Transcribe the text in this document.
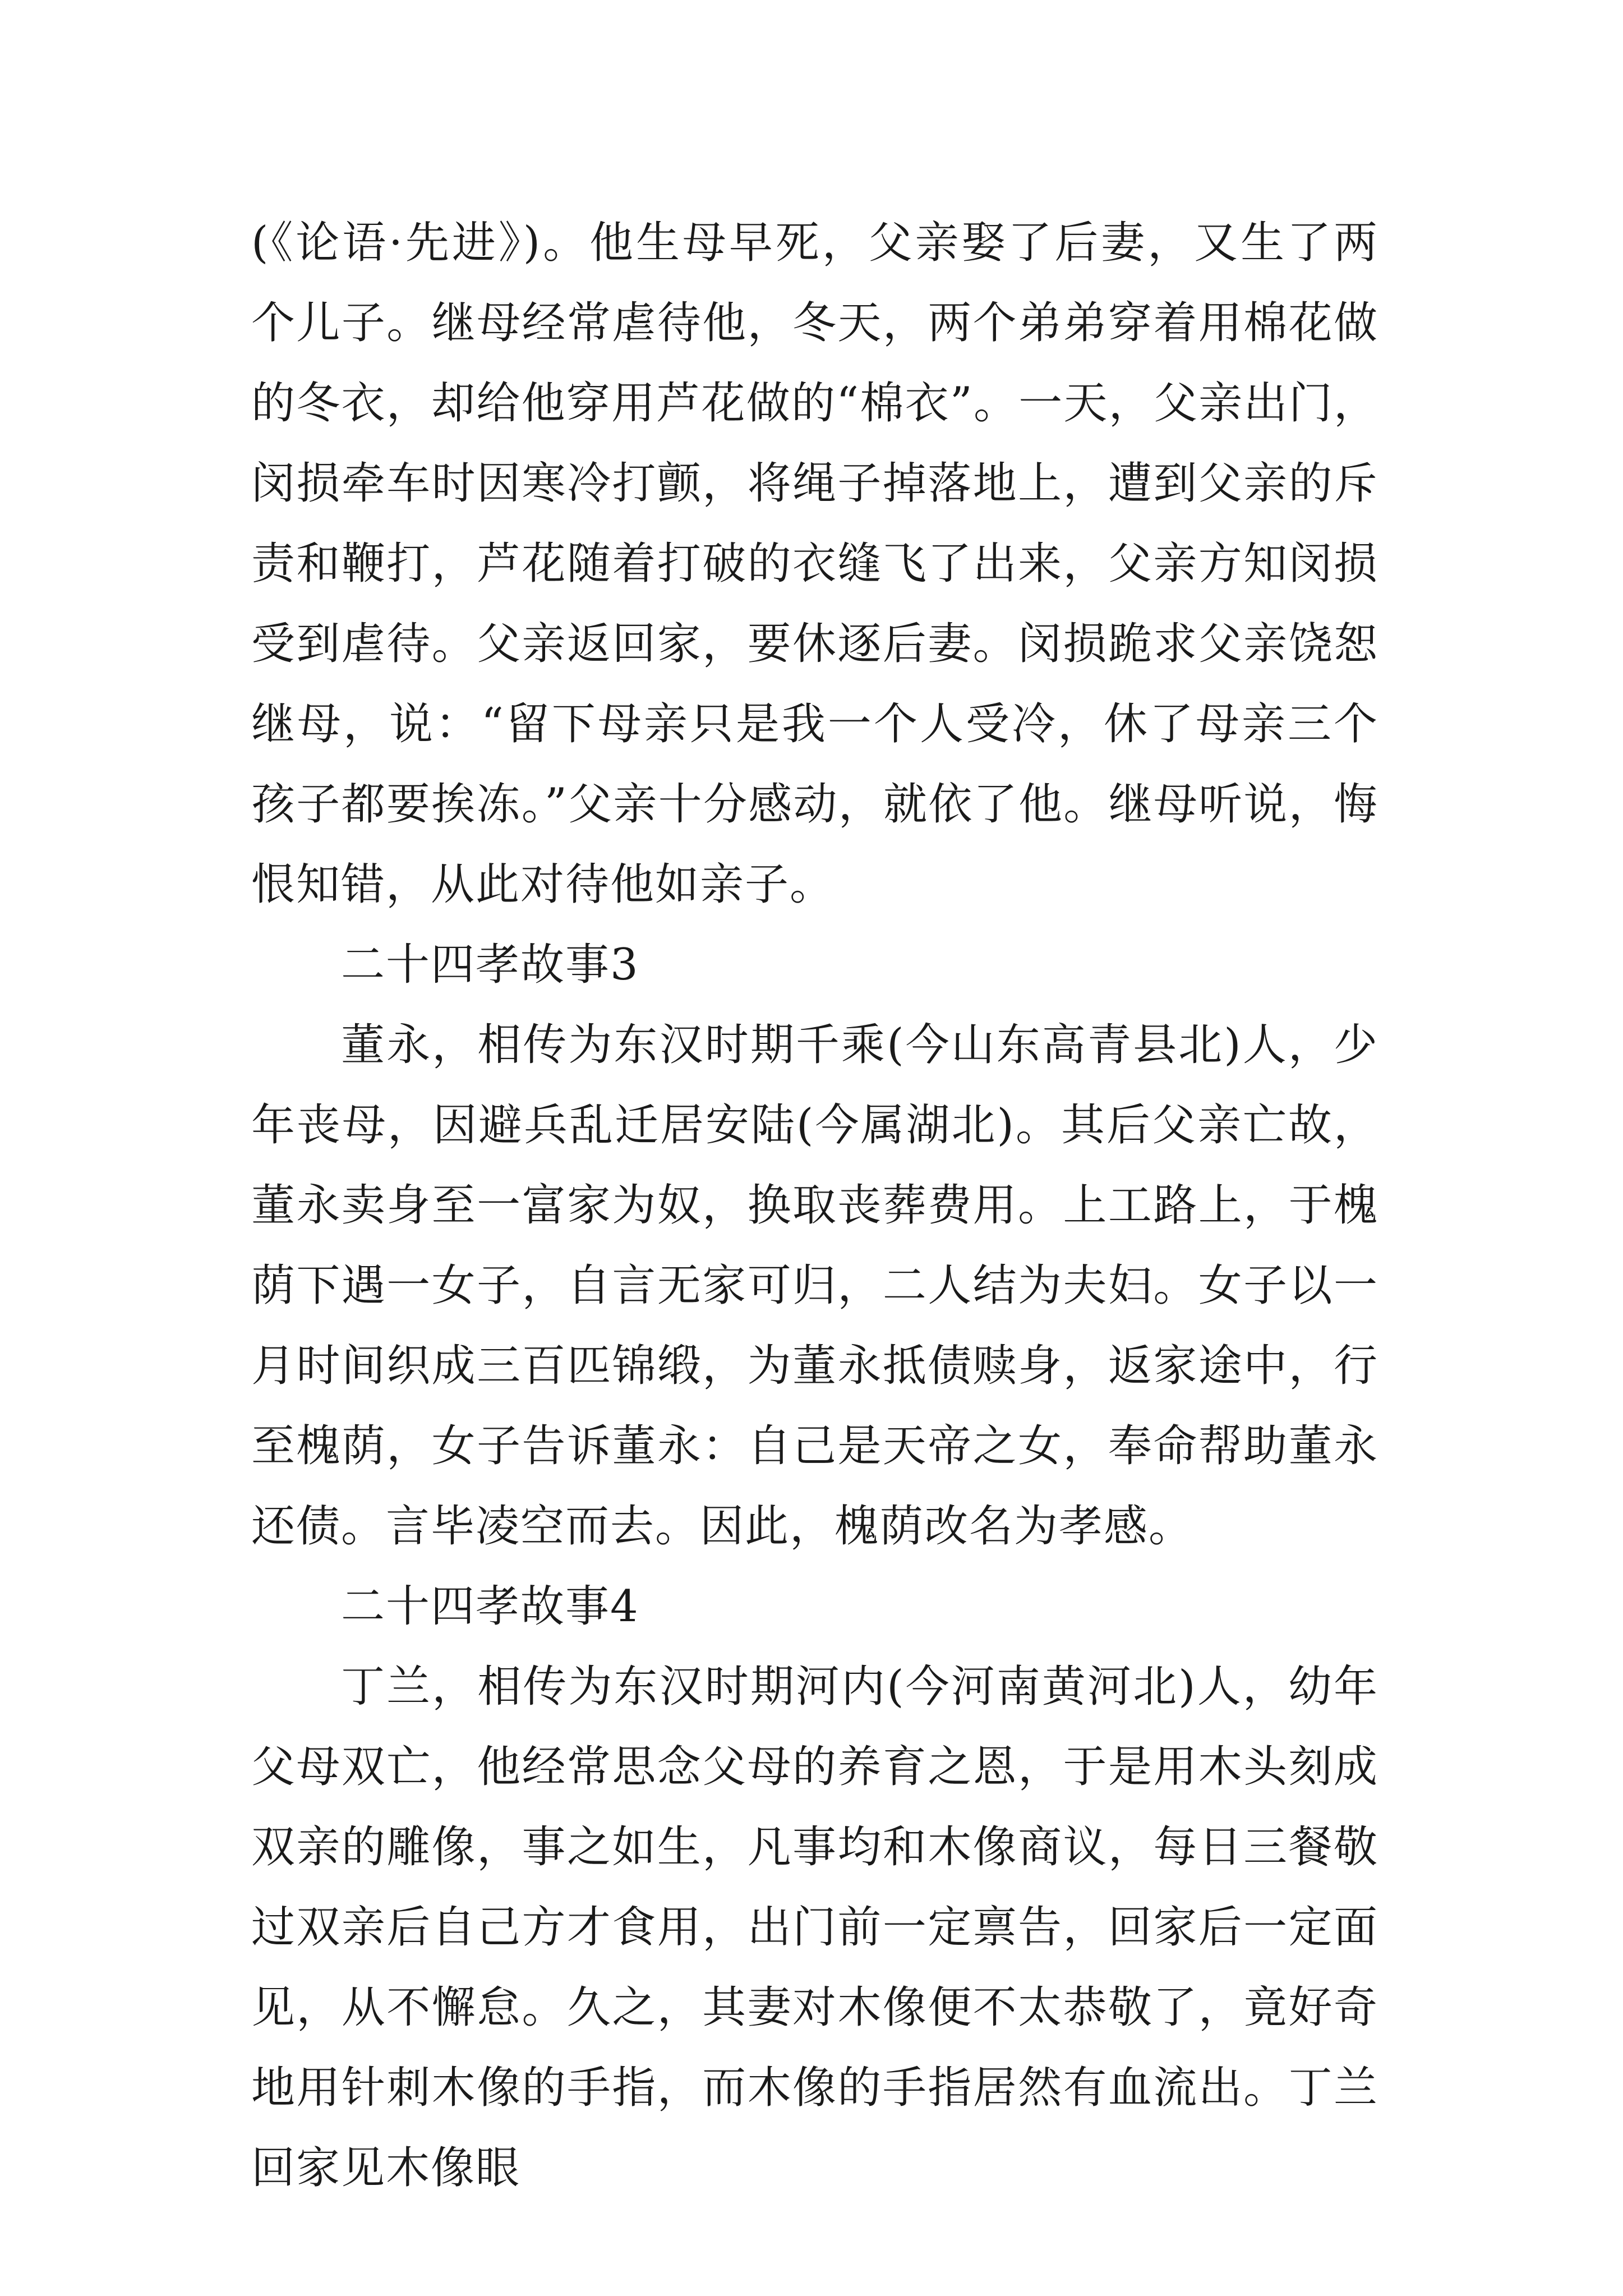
(《论语·先进》)。他生母早死，父亲娶了后妻，又生了两个儿子。继母经常虐待他，冬天，两个弟弟穿着用棉花做的冬衣，却给他穿用芦花做的“棉衣”。一天，父亲出门，闵损牵车时因寒冷打颤，将绳子掉落地上，遭到父亲的斥责和鞭打，芦花随着打破的衣缝飞了出来，父亲方知闵损受到虐待。父亲返回家，要休逐后妻。闵损跪求父亲饶恕继母，说：“留下母亲只是我一个人受冷，休了母亲三个孩子都要挨冻。”父亲十分感动，就依了他。继母听说，悔恨知错，从此对待他如亲子。

二十四孝故事3

董永，相传为东汉时期千乘(今山东高青县北)人，少年丧母，因避兵乱迁居安陆(今属湖北)。其后父亲亡故，董永卖身至一富家为奴，换取丧葬费用。上工路上，于槐荫下遇一女子，自言无家可归，二人结为夫妇。女子以一月时间织成三百匹锦缎，为董永抵债赎身，返家途中，行至槐荫，女子告诉董永：自己是天帝之女，奉命帮助董永还债。言毕凌空而去。因此，槐荫改名为孝感。

二十四孝故事4

丁兰，相传为东汉时期河内(今河南黄河北)人，幼年父母双亡，他经常思念父母的养育之恩，于是用木头刻成双亲的雕像，事之如生，凡事均和木像商议，每日三餐敬过双亲后自己方才食用，出门前一定禀告，回家后一定面见，从不懈怠。久之，其妻对木像便不太恭敬了，竟好奇地用针刺木像的手指，而木像的手指居然有血流出。丁兰回家见木像眼
